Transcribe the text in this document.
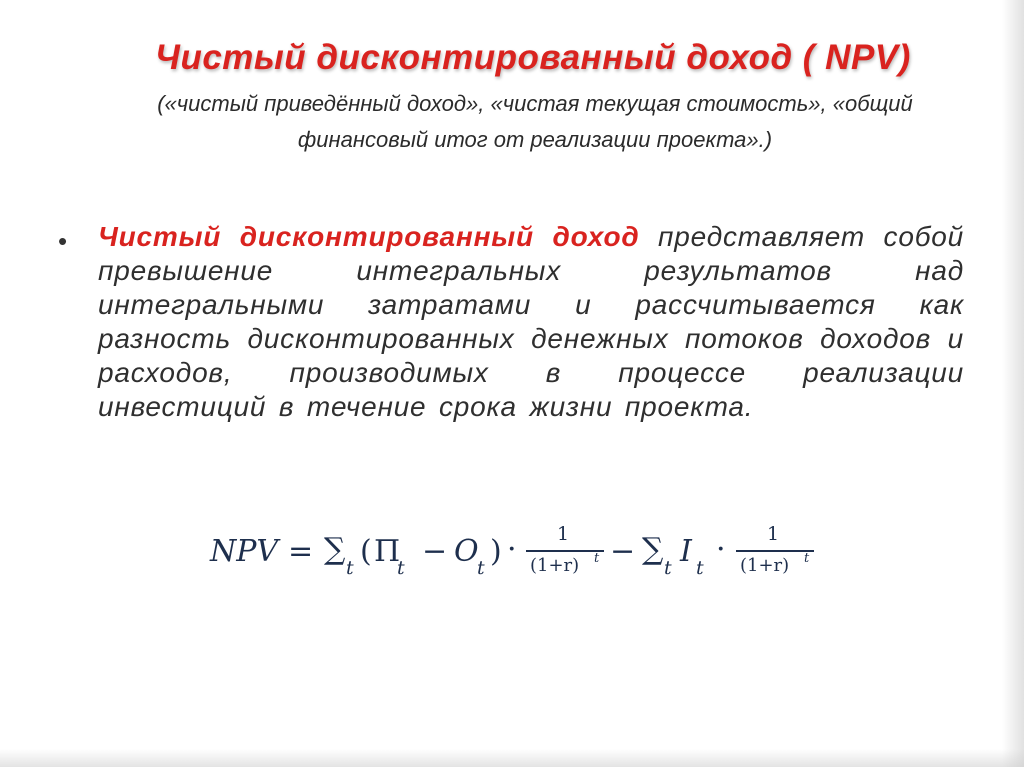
Чистый дисконтированный доход ( NPV)
(«чистый приведённый доход», «чистая текущая стоимость», «общий
финансовый итог от реализации проекта».)
• Чистый дисконтированный доход представляет собой превышение интегральных результатов над интегральными затратами и рассчитывается как разность дисконтированных денежных потоков доходов и расходов, производимых в процессе реализации инвестиций в течение срока жизни проекта.
NPV = ∑
t ( Π
t − O
t ) · 1
(1+r) t − ∑
t I t
· 1
(1+r) t
